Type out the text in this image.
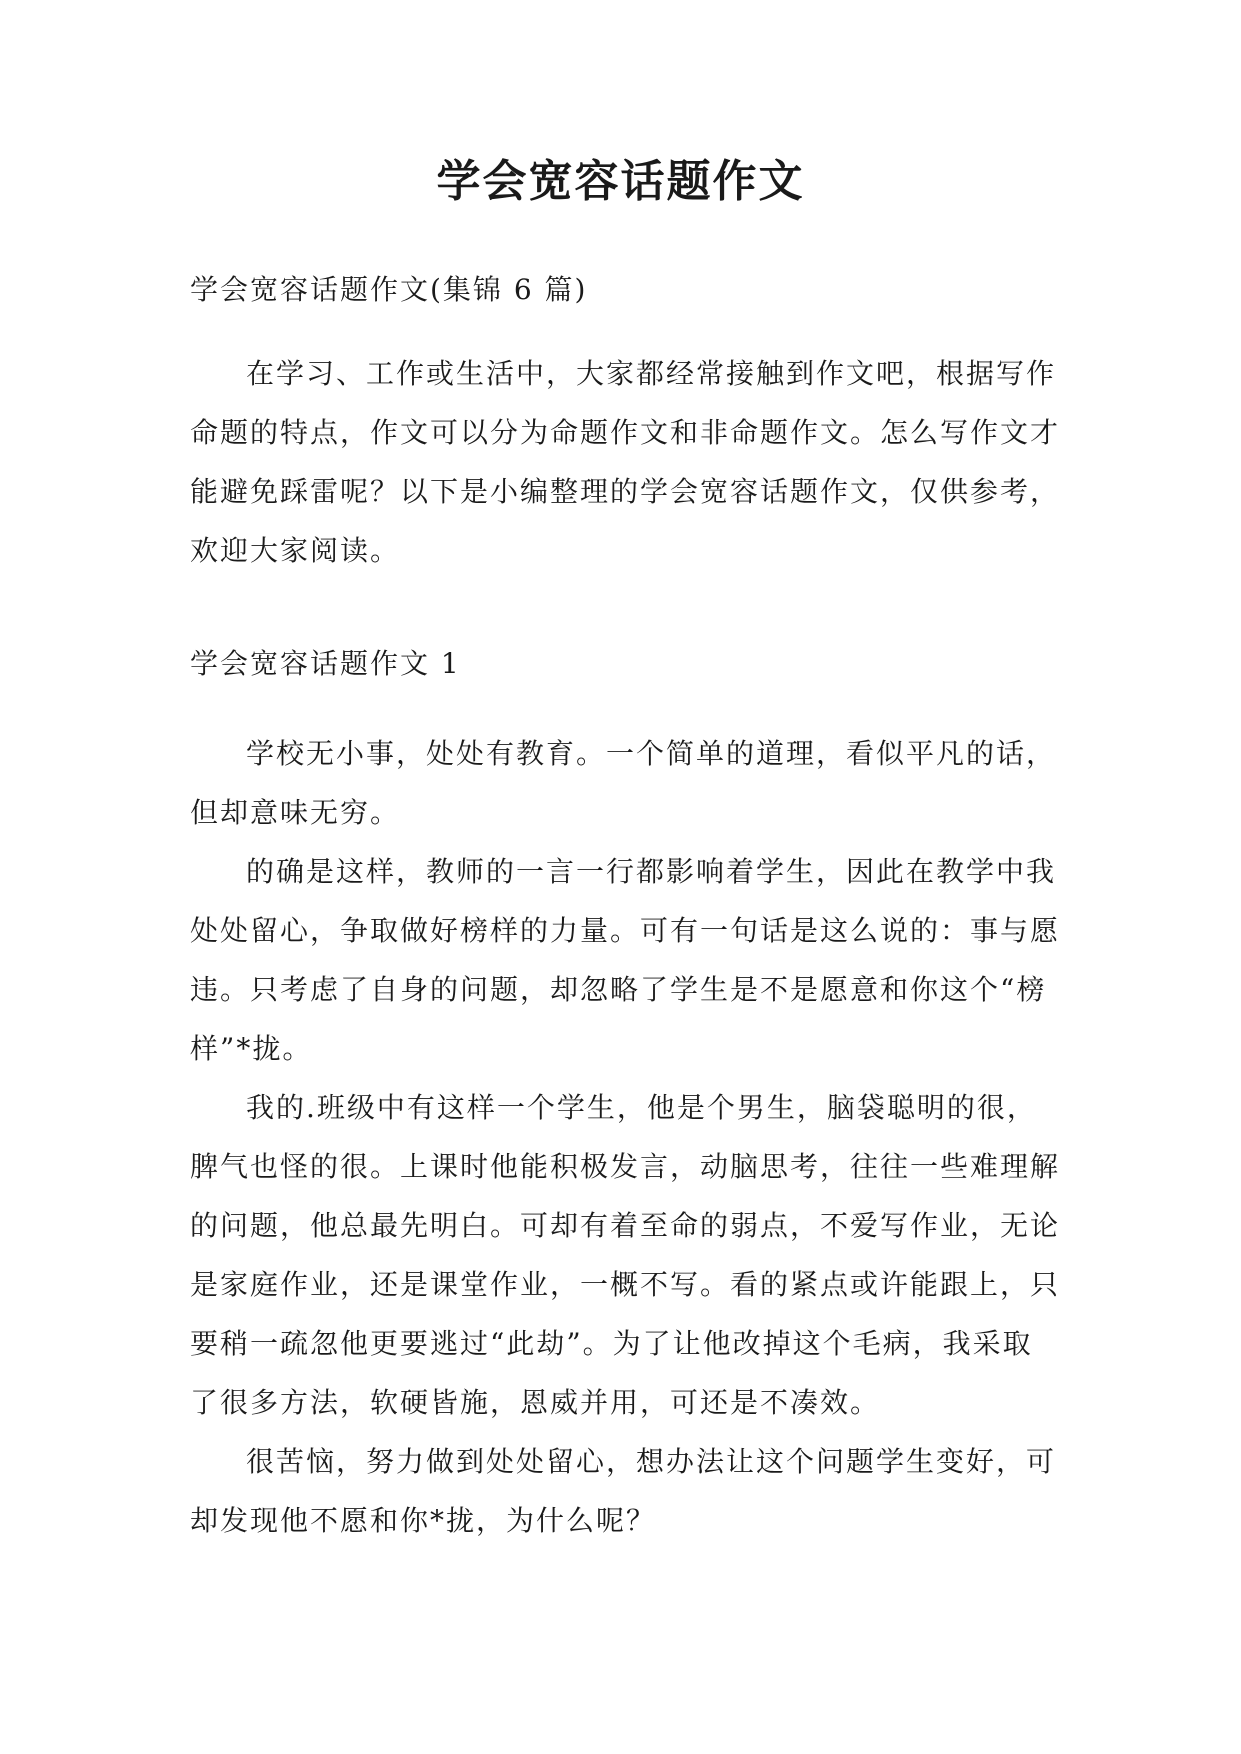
学会宽容话题作文
学会宽容话题作文(集锦 6 篇)

在学习、工作或生活中，大家都经常接触到作文吧，根据写作命题的特点，作文可以分为命题作文和非命题作文。怎么写作文才能避免踩雷呢？以下是小编整理的学会宽容话题作文，仅供参考，欢迎大家阅读。

学会宽容话题作文 1

学校无小事，处处有教育。一个简单的道理，看似平凡的话，但却意味无穷。

的确是这样，教师的一言一行都影响着学生，因此在教学中我处处留心，争取做好榜样的力量。可有一句话是这么说的：事与愿违。只考虑了自身的问题，却忽略了学生是不是愿意和你这个“榜样”*拢。

我的.班级中有这样一个学生，他是个男生，脑袋聪明的很，脾气也怪的很。上课时他能积极发言，动脑思考，往往一些难理解的问题，他总最先明白。可却有着至命的弱点，不爱写作业，无论是家庭作业，还是课堂作业，一概不写。看的紧点或许能跟上，只要稍一疏忽他更要逃过“此劫”。为了让他改掉这个毛病，我采取了很多方法，软硬皆施，恩威并用，可还是不凑效。

很苦恼，努力做到处处留心，想办法让这个问题学生变好，可却发现他不愿和你*拢，为什么呢？
